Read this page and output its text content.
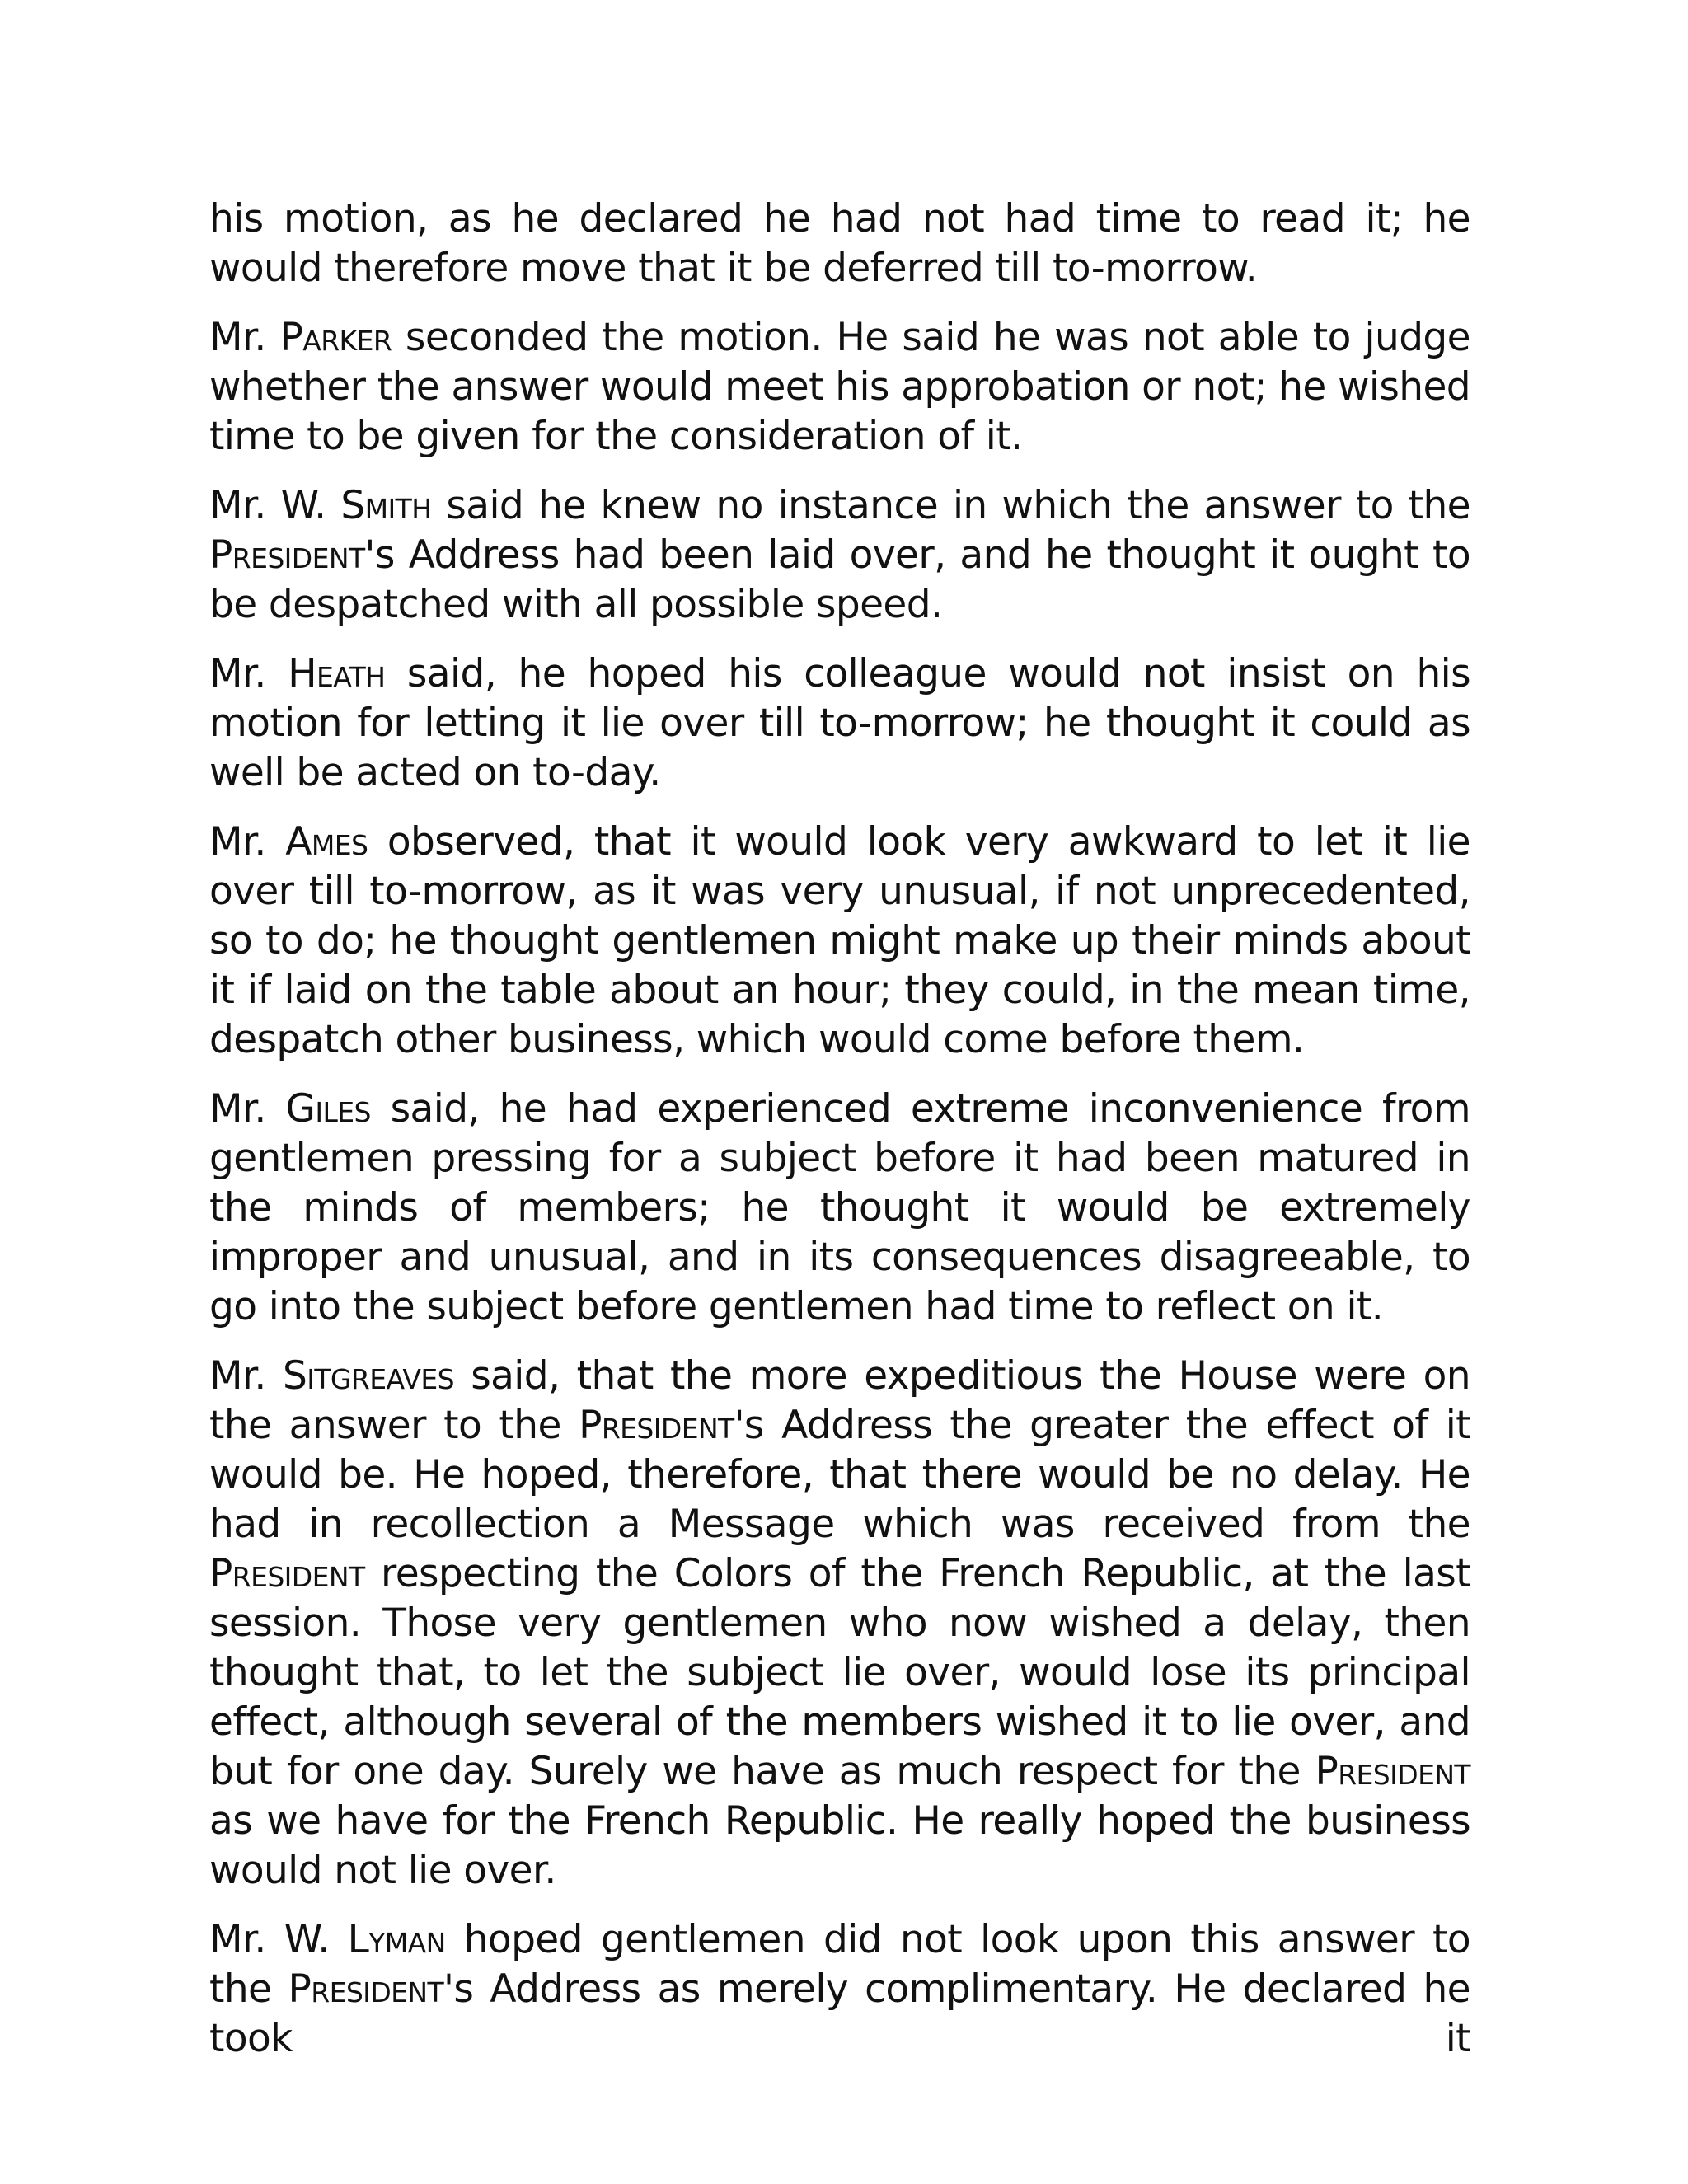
his motion, as he declared he had not had time to read it; he would therefore move that it be deferred till to-morrow.

Mr. Parker seconded the motion. He said he was not able to judge whether the answer would meet his approbation or not; he wished time to be given for the consideration of it.

Mr. W. Smith said he knew no instance in which the answer to the President's Address had been laid over, and he thought it ought to be despatched with all possible speed.

Mr. Heath said, he hoped his colleague would not insist on his motion for letting it lie over till to-morrow; he thought it could as well be acted on to-day.

Mr. Ames observed, that it would look very awkward to let it lie over till to-morrow, as it was very unusual, if not unprecedented, so to do; he thought gentlemen might make up their minds about it if laid on the table about an hour; they could, in the mean time, despatch other business, which would come before them.

Mr. Giles said, he had experienced extreme inconvenience from gentlemen pressing for a subject before it had been matured in the minds of members; he thought it would be extremely improper and unusual, and in its consequences disagreeable, to go into the subject before gentlemen had time to reflect on it.

Mr. Sitgreaves said, that the more expeditious the House were on the answer to the President's Address the greater the effect of it would be. He hoped, therefore, that there would be no delay. He had in recollection a Message which was received from the President respecting the Colors of the French Republic, at the last session. Those very gentlemen who now wished a delay, then thought that, to let the subject lie over, would lose its principal effect, although several of the members wished it to lie over, and but for one day. Surely we have as much respect for the President as we have for the French Republic. He really hoped the business would not lie over.

Mr. W. Lyman hoped gentlemen did not look upon this answer to the President's Address as merely complimentary. He declared he took it
